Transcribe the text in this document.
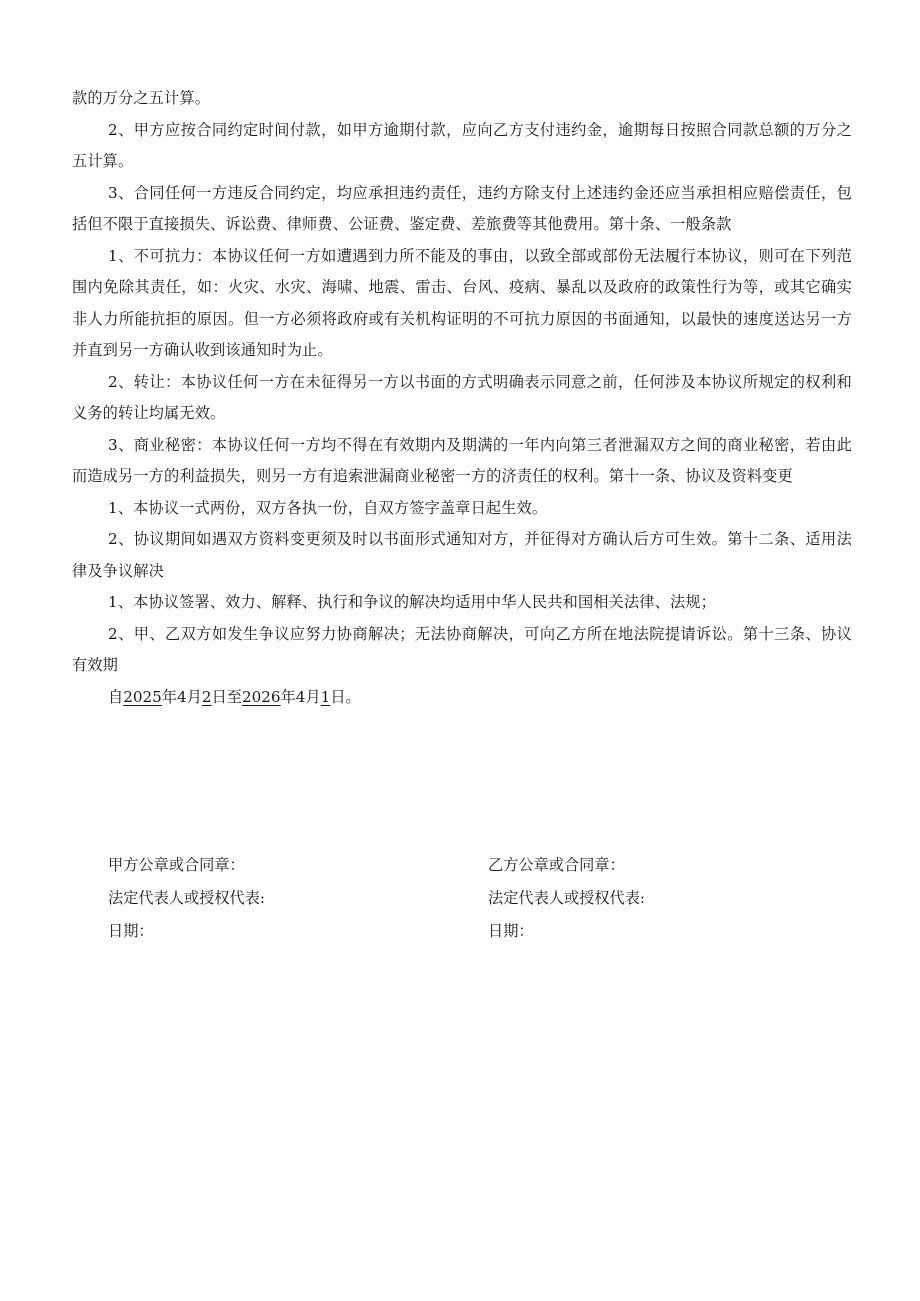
款的万分之五计算。

2、甲方应按合同约定时间付款，如甲方逾期付款，应向乙方支付违约金，逾期每日按照合同款总额的万分之五计算。

3、合同任何一方违反合同约定，均应承担违约责任，违约方除支付上述违约金还应当承担相应赔偿责任，包括但不限于直接损失、诉讼费、律师费、公证费、鉴定费、差旅费等其他费用。第十条、一般条款

1、不可抗力：本协议任何一方如遭遇到力所不能及的事由，以致全部或部份无法履行本协议，则可在下列范围内免除其责任，如：火灾、水灾、海啸、地震、雷击、台风、疫病、暴乱以及政府的政策性行为等，或其它确实非人力所能抗拒的原因。但一方必须将政府或有关机构证明的不可抗力原因的书面通知，以最快的速度送达另一方并直到另一方确认收到该通知时为止。

2、转让：本协议任何一方在未征得另一方以书面的方式明确表示同意之前，任何涉及本协议所规定的权利和义务的转让均属无效。

3、商业秘密：本协议任何一方均不得在有效期内及期满的一年内向第三者泄漏双方之间的商业秘密，若由此而造成另一方的利益损失，则另一方有追索泄漏商业秘密一方的济责任的权利。第十一条、协议及资料变更

1、本协议一式两份，双方各执一份，自双方签字盖章日起生效。

2、协议期间如遇双方资料变更须及时以书面形式通知对方，并征得对方确认后方可生效。第十二条、适用法律及争议解决

1、本协议签署、效力、解释、执行和争议的解决均适用中华人民共和国相关法律、法规；

2、甲、乙双方如发生争议应努力协商解决；无法协商解决，可向乙方所在地法院提请诉讼。第十三条、协议有效期

自2025年4月2日至2026年4月1日。

甲方公章或合同章：	乙方公章或合同章：
法定代表人或授权代表:	法定代表人或授权代表:
日期：	日期：
